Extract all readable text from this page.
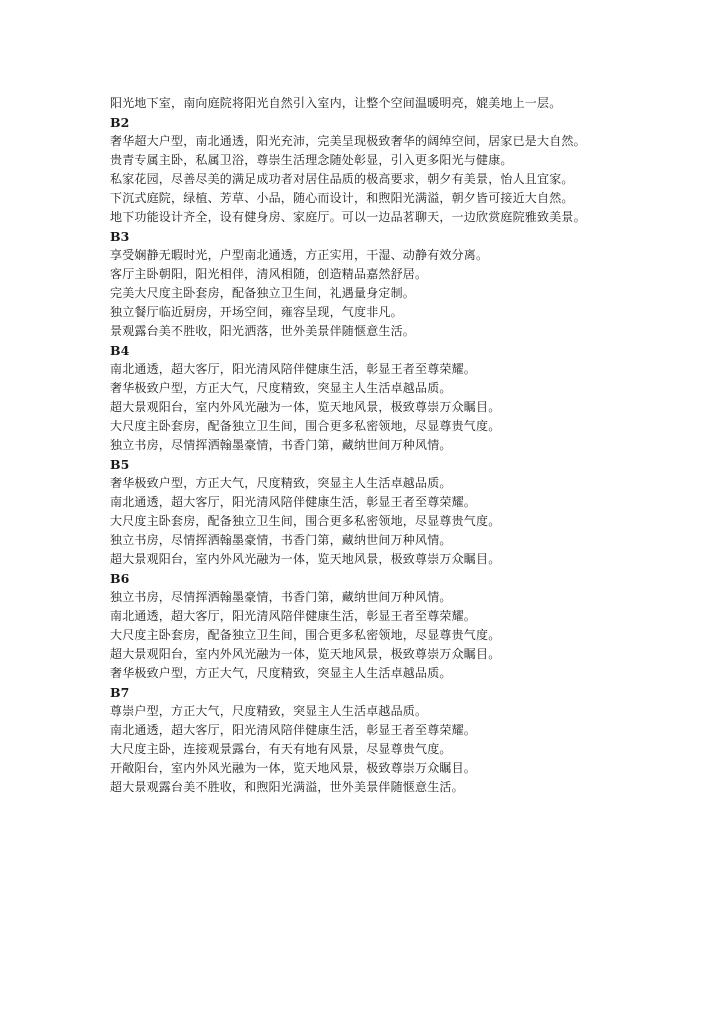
阳光地下室，南向庭院将阳光自然引入室内，让整个空间温暖明亮，媲美地上一层。
B2
奢华超大户型，南北通透，阳光充沛，完美呈现极致奢华的阔绰空间，居家已是大自然。
贵青专属主卧，私属卫浴，尊崇生活理念随处彰显，引入更多阳光与健康。
私家花园，尽善尽美的满足成功者对居住品质的极高要求，朝夕有美景，怡人且宜家。
下沉式庭院，绿植、芳草、小品，随心而设计，和煦阳光满溢，朝夕皆可接近大自然。
地下功能设计齐全，设有健身房、家庭厅。可以一边品茗聊天，一边欣赏庭院雅致美景。
B3
享受娴静无暇时光，户型南北通透，方正实用，干湿、动静有效分离。
客厅主卧朝阳，阳光相伴，清风相随，创造精品嘉然舒居。
完美大尺度主卧套房，配备独立卫生间，礼遇量身定制。
独立餐厅临近厨房，开场空间，雍容呈现，气度非凡。
景观露台美不胜收，阳光洒落，世外美景伴随惬意生活。
B4
南北通透，超大客厅，阳光清风陪伴健康生活，彰显王者至尊荣耀。
奢华极致户型，方正大气，尺度精致，突显主人生活卓越品质。
超大景观阳台，室内外风光融为一体，览天地风景，极致尊崇万众瞩目。
大尺度主卧套房，配备独立卫生间，围合更多私密领地，尽显尊贵气度。
独立书房，尽情挥洒翰墨豪情，书香门第，藏纳世间万种风情。
B5
奢华极致户型，方正大气，尺度精致，突显主人生活卓越品质。
南北通透，超大客厅，阳光清风陪伴健康生活，彰显王者至尊荣耀。
大尺度主卧套房，配备独立卫生间，围合更多私密领地，尽显尊贵气度。
独立书房，尽情挥洒翰墨豪情，书香门第，藏纳世间万种风情。
超大景观阳台，室内外风光融为一体，览天地风景，极致尊崇万众瞩目。
B6
独立书房，尽情挥洒翰墨豪情，书香门第，藏纳世间万种风情。
南北通透，超大客厅，阳光清风陪伴健康生活，彰显王者至尊荣耀。
大尺度主卧套房，配备独立卫生间，围合更多私密领地，尽显尊贵气度。
超大景观阳台，室内外风光融为一体，览天地风景，极致尊崇万众瞩目。
奢华极致户型，方正大气，尺度精致，突显主人生活卓越品质。
B7
尊崇户型，方正大气，尺度精致，突显主人生活卓越品质。
南北通透，超大客厅，阳光清风陪伴健康生活，彰显王者至尊荣耀。
大尺度主卧，连接观景露台，有天有地有风景，尽显尊贵气度。
开敞阳台，室内外风光融为一体，览天地风景，极致尊崇万众瞩目。
超大景观露台美不胜收，和煦阳光满溢，世外美景伴随惬意生活。
